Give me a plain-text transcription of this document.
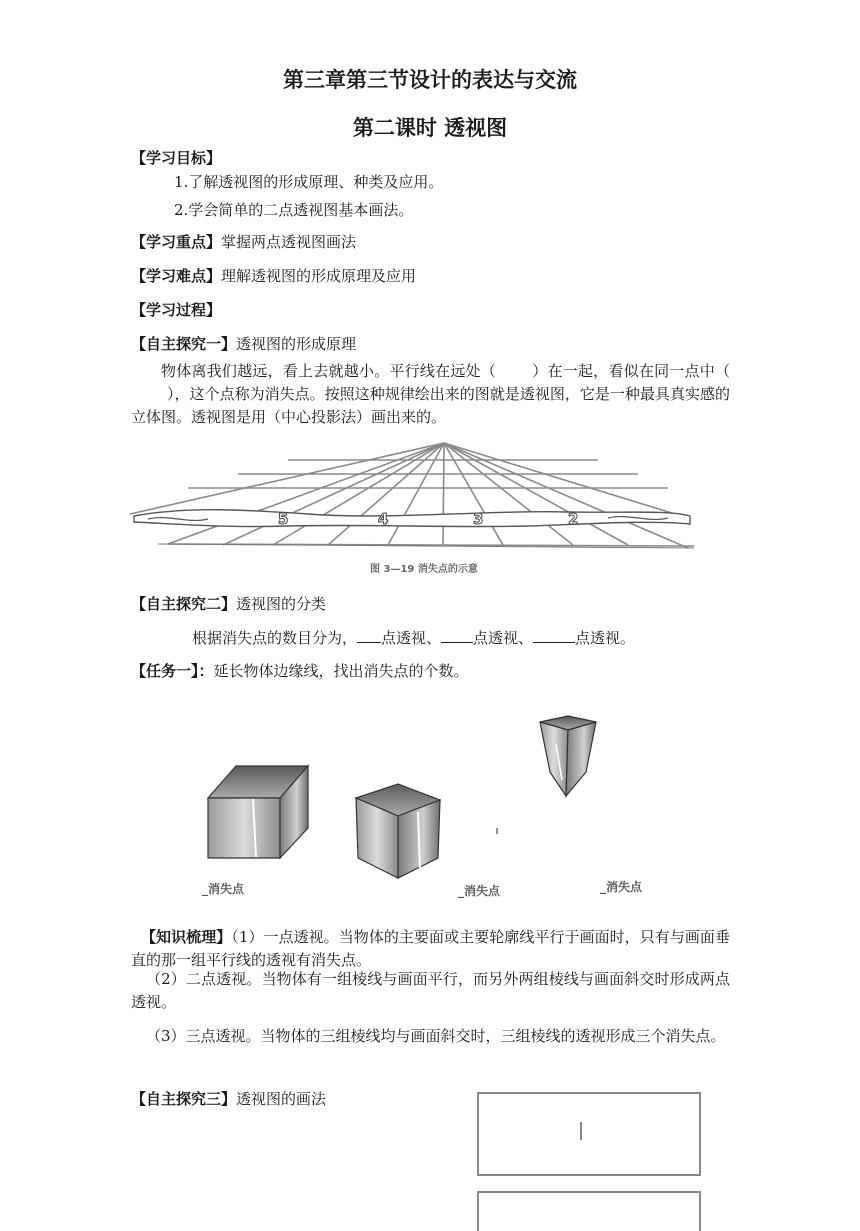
第三章第三节设计的表达与交流
第二课时 透视图
【学习目标】
1.了解透视图的形成原理、种类及应用。
2.学会简单的二点透视图基本画法。
【学习重点】掌握两点透视图画法
【学习难点】理解透视图的形成原理及应用
【学习过程】
【自主探究一】透视图的形成原理
物体离我们越远，看上去就越小。平行线在远处（ ）在一起，看似在同一点中（），这个点称为消失点。按照这种规律绘出来的图就是透视图，它是一种最具真实感的立体图。透视图是用（中心投影法）画出来的。
5	4	3	2
图 3—19 消失点的示意
【自主探究二】透视图的分类
根据消失点的数目分为， 点透视、 点透视、	点透视。
【任务一】：延长物体边缘线，找出消失点的个数。
_消失点	_消失点	_消失点
【知识梳理】（1）一点透视。当物体的主要面或主要轮廓线平行于画面时，只有与画面垂直的那一组平行线的透视有消失点。
（2）二点透视。当物体有一组棱线与画面平行，而另外两组棱线与画面斜交时形成两点透视。
（3）三点透视。当物体的三组棱线均与画面斜交时，三组棱线的透视形成三个消失点。
【自主探究三】透视图的画法
